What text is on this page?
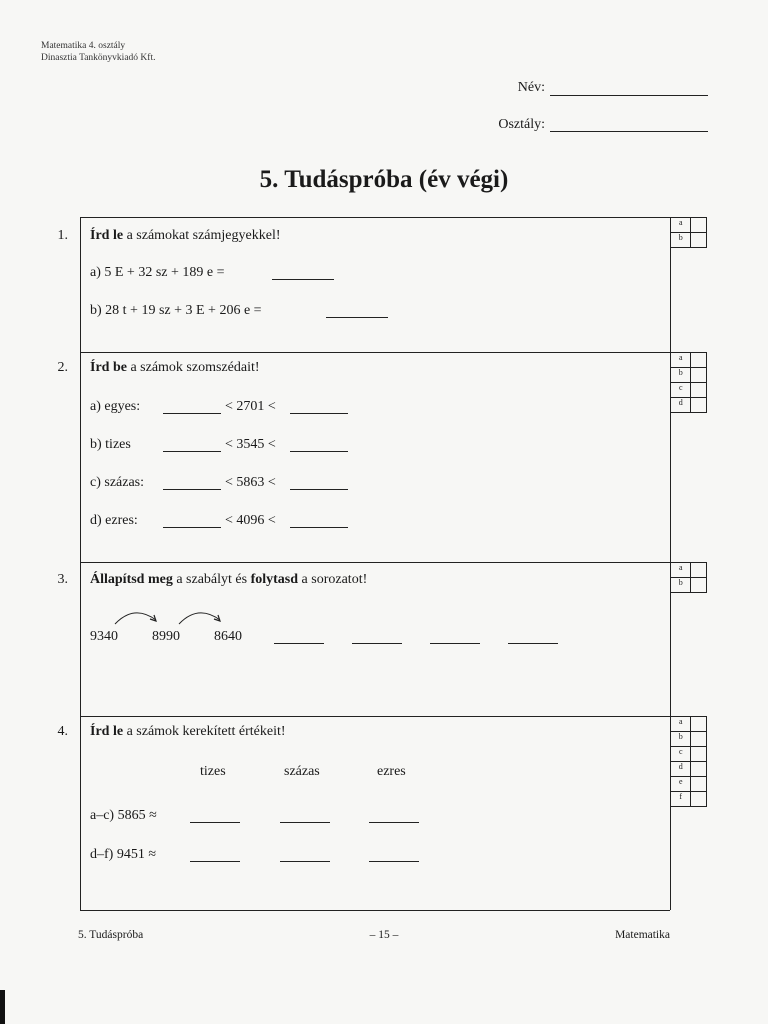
Matematika 4. osztály
Dinasztia Tankönyvkiadó Kft.
Név:
Osztály:
5. Tudáspróba (év végi)
1. Írd le a számokat számjegyekkel!
a) 5 E + 32 sz + 189 e =
b) 28 t + 19 sz + 3 E + 206 e =
a	
b	
2. Írd be a számok szomszédait!
a) egyes:	< 2701 <
b) tizes	< 3545 <
c) százas:	< 5863 <
d) ezres:	< 4096 <
a	
b	
c	
d	
3. Állapítsd meg a szabályt és folytasd a sorozatot!
9340 8990 8640
a	
b	
4. Írd le a számok kerekített értékeit!
tizes	százas	ezres
a–c) 5865 ≈
d–f) 9451 ≈
a	
b	
c	
d	
e	
f	
5. Tudáspróba	– 15 –	Matematika
